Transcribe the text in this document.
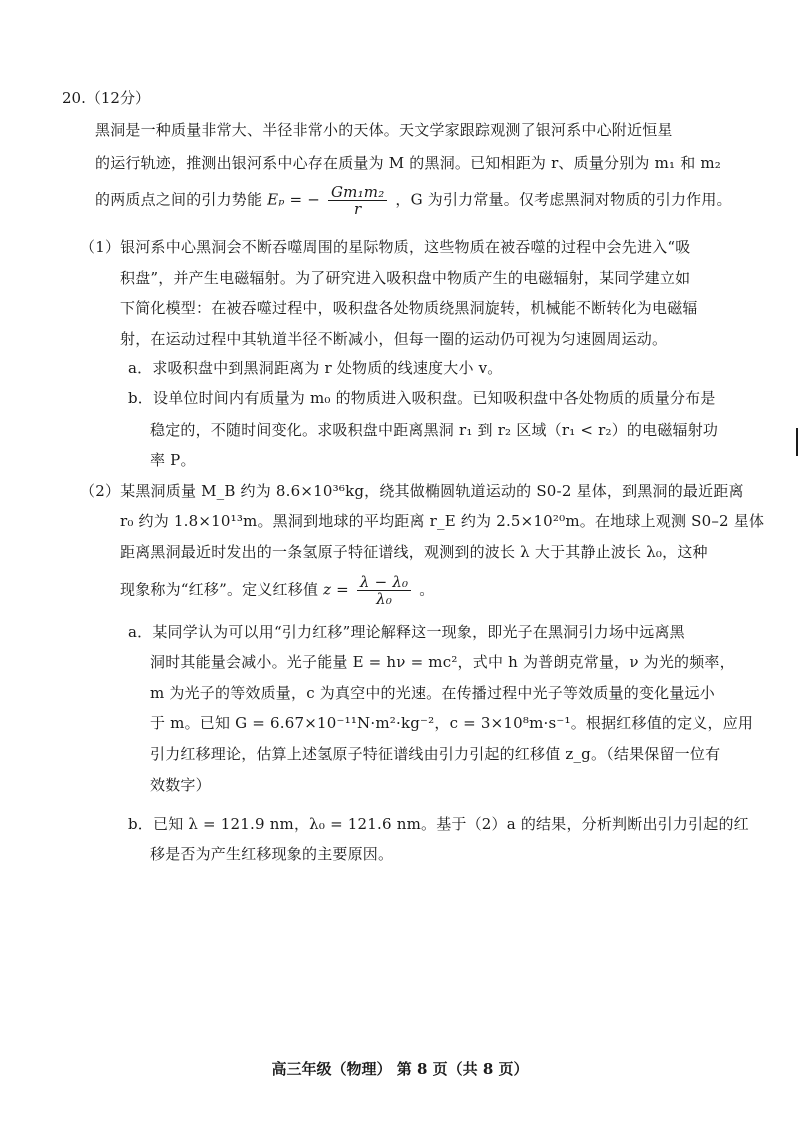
20.（12分）
黑洞是一种质量非常大、半径非常小的天体。天文学家跟踪观测了银河系中心附近恒星
的运行轨迹，推测出银河系中心存在质量为 M 的黑洞。已知相距为 r、质量分别为 m₁ 和 m₂
的两质点之间的引力势能 Eₚ = − $\frac{\text{Gm₁m₂}}{r}$ ，G 为引力常量。仅考虑黑洞对物质的引力作用。
（1）银河系中心黑洞会不断吞噬周围的星际物质，这些物质在被吞噬的过程中会先进入“吸
积盘”，并产生电磁辐射。为了研究进入吸积盘中物质产生的电磁辐射，某同学建立如
下简化模型：在被吞噬过程中，吸积盘各处物质绕黑洞旋转，机械能不断转化为电磁辐
射，在运动过程中其轨道半径不断减小，但每一圈的运动仍可视为匀速圆周运动。
a．求吸积盘中到黑洞距离为 r 处物质的线速度大小 v。
b．设单位时间内有质量为 m₀ 的物质进入吸积盘。已知吸积盘中各处物质的质量分布是
稳定的，不随时间变化。求吸积盘中距离黑洞 r₁ 到 r₂ 区域（r₁ < r₂）的电磁辐射功
率 P。
（2）某黑洞质量 M_B 约为 8.6×10³⁶kg，绕其做椭圆轨道运动的 S0-2 星体，到黑洞的最近距离
r₀ 约为 1.8×10¹³m。黑洞到地球的平均距离 r_E 约为 2.5×10²⁰m。在地球上观测 S0–2 星体
距离黑洞最近时发出的一条氢原子特征谱线，观测到的波长 λ 大于其静止波长 λ₀，这种
现象称为“红移”。定义红移值 $z = \frac{\text{λ − λ₀}}{\text{λ₀}}$ 。
a．某同学认为可以用“引力红移”理论解释这一现象，即光子在黑洞引力场中远离黑
洞时其能量会减小。光子能量 E = hν = mc²，式中 h 为普朗克常量，ν 为光的频率，
m 为光子的等效质量，c 为真空中的光速。在传播过程中光子等效质量的变化量远小
于 m。已知 G = 6.67×10⁻¹¹N·m²·kg⁻²，c = 3×10⁸m·s⁻¹。根据红移值的定义，应用
引力红移理论，估算上述氢原子特征谱线由引力引起的红移值 z_g。（结果保留一位有
效数字）
b．已知 λ = 121.9 nm，λ₀ = 121.6 nm。基于（2）a 的结果，分析判断出引力引起的红
移是否为产生红移现象的主要原因。
高三年级（物理） 第 8 页（共 8 页）
